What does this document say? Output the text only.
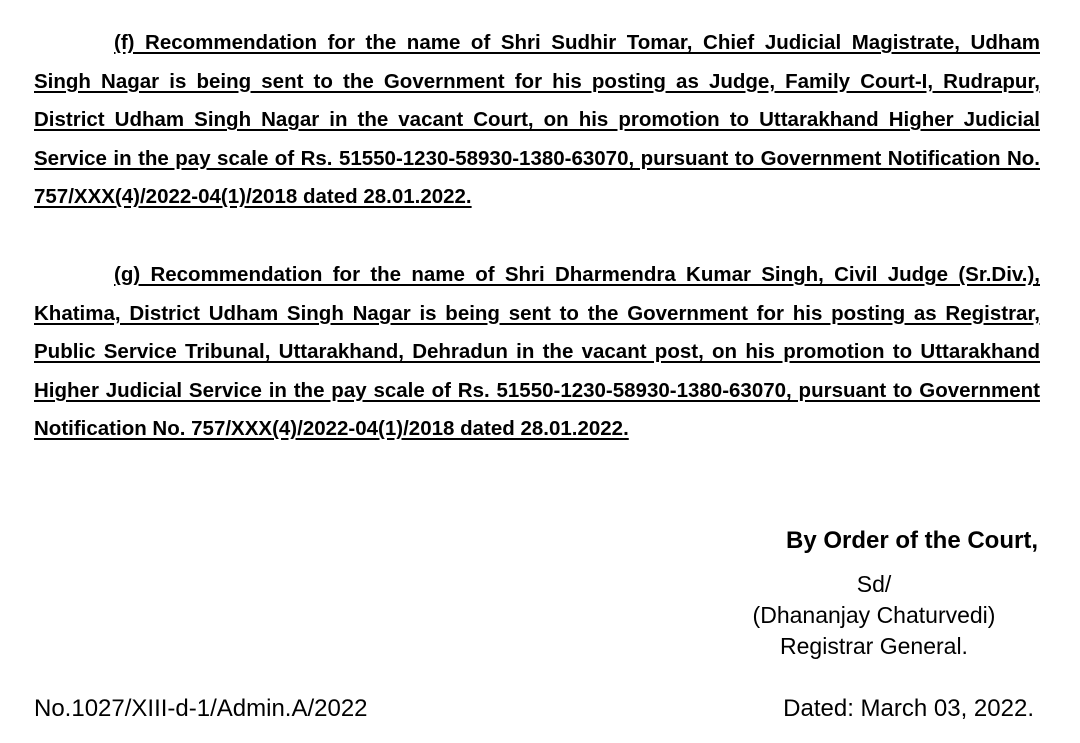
(f) Recommendation for the name of Shri Sudhir Tomar, Chief Judicial Magistrate, Udham Singh Nagar is being sent to the Government for his posting as Judge, Family Court-I, Rudrapur, District Udham Singh Nagar in the vacant Court, on his promotion to Uttarakhand Higher Judicial Service in the pay scale of Rs. 51550-1230-58930-1380-63070, pursuant to Government Notification No. 757/XXX(4)/2022-04(1)/2018 dated 28.01.2022.

(g) Recommendation for the name of Shri Dharmendra Kumar Singh, Civil Judge (Sr.Div.), Khatima, District Udham Singh Nagar is being sent to the Government for his posting as Registrar, Public Service Tribunal, Uttarakhand, Dehradun in the vacant post, on his promotion to Uttarakhand Higher Judicial Service in the pay scale of Rs. 51550-1230-58930-1380-63070, pursuant to Government Notification No. 757/XXX(4)/2022-04(1)/2018 dated 28.01.2022.

By Order of the Court,
Sd/
(Dhananjay Chaturvedi)
Registrar General.
No.1027/XIII-d-1/Admin.A/2022	Dated: March 03, 2022.
